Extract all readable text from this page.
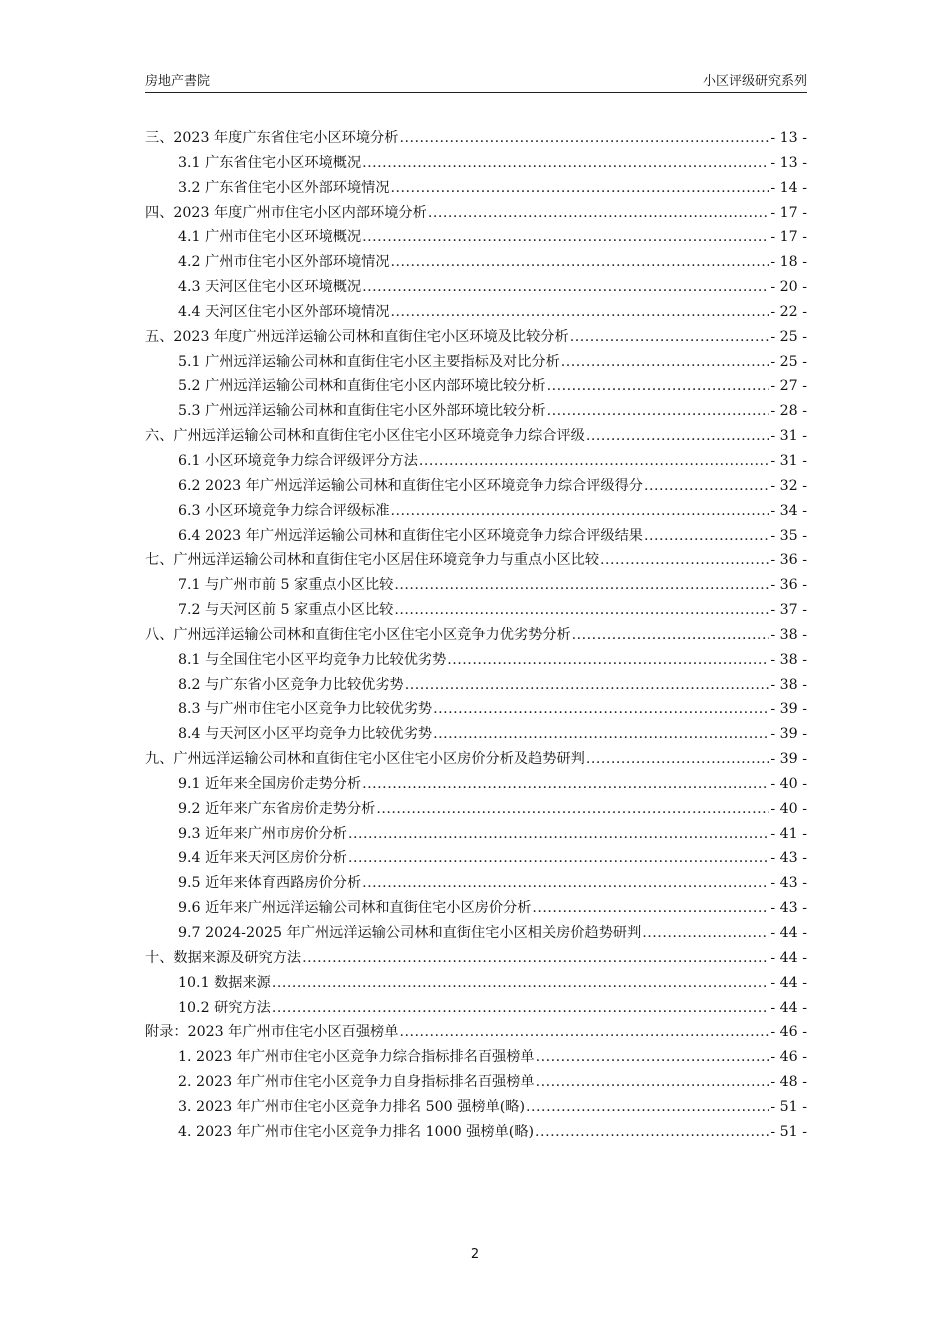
房地产書院	小区评级研究系列
三、2023 年度广东省住宅小区环境分析 .....	- 13 -
3.1 广东省住宅小区环境概况 .....	- 13 -
3.2 广东省住宅小区外部环境情况 .....	- 14 -
四、2023 年度广州市住宅小区内部环境分析 .....	- 17 -
4.1 广州市住宅小区环境概况 .....	- 17 -
4.2 广州市住宅小区外部环境情况 .....	- 18 -
4.3 天河区住宅小区环境概况 .....	- 20 -
4.4 天河区住宅小区外部环境情况 .....	- 22 -
五、2023 年度广州远洋运输公司林和直街住宅小区环境及比较分析 .....	- 25 -
5.1 广州远洋运输公司林和直街住宅小区主要指标及对比分析 .....	- 25 -
5.2 广州远洋运输公司林和直街住宅小区内部环境比较分析 .....	- 27 -
5.3 广州远洋运输公司林和直街住宅小区外部环境比较分析 .....	- 28 -
六、广州远洋运输公司林和直街住宅小区住宅小区环境竞争力综合评级 .....	- 31 -
6.1 小区环境竞争力综合评级评分方法 .....	- 31 -
6.2 2023 年广州远洋运输公司林和直街住宅小区环境竞争力综合评级得分 .....	- 32 -
6.3 小区环境竞争力综合评级标准 .....	- 34 -
6.4 2023 年广州远洋运输公司林和直街住宅小区环境竞争力综合评级结果 .....	- 35 -
七、广州远洋运输公司林和直街住宅小区居住环境竞争力与重点小区比较 .....	- 36 -
7.1 与广州市前 5 家重点小区比较 .....	- 36 -
7.2 与天河区前 5 家重点小区比较 .....	- 37 -
八、广州远洋运输公司林和直街住宅小区住宅小区竞争力优劣势分析 .....	- 38 -
8.1 与全国住宅小区平均竞争力比较优劣势 .....	- 38 -
8.2 与广东省小区竞争力比较优劣势 .....	- 38 -
8.3 与广州市住宅小区竞争力比较优劣势 .....	- 39 -
8.4 与天河区小区平均竞争力比较优劣势 .....	- 39 -
九、广州远洋运输公司林和直街住宅小区住宅小区房价分析及趋势研判 .....	- 39 -
9.1 近年来全国房价走势分析 .....	- 40 -
9.2 近年来广东省房价走势分析 .....	- 40 -
9.3 近年来广州市房价分析 .....	- 41 -
9.4 近年来天河区房价分析 .....	- 43 -
9.5 近年来体育西路房价分析 .....	- 43 -
9.6 近年来广州远洋运输公司林和直街住宅小区房价分析 .....	- 43 -
9.7 2024-2025 年广州远洋运输公司林和直街住宅小区相关房价趋势研判 .....	- 44 -
十、数据来源及研究方法 .....	- 44 -
10.1 数据来源 .....	- 44 -
10.2 研究方法 .....	- 44 -
附录：2023 年广州市住宅小区百强榜单 .....	- 46 -
1. 2023 年广州市住宅小区竞争力综合指标排名百强榜单 .....	- 46 -
2. 2023 年广州市住宅小区竞争力自身指标排名百强榜单 .....	- 48 -
3. 2023 年广州市住宅小区竞争力排名 500 强榜单(略) .....	- 51 -
4. 2023 年广州市住宅小区竞争力排名 1000 强榜单(略) .....	- 51 -
2
